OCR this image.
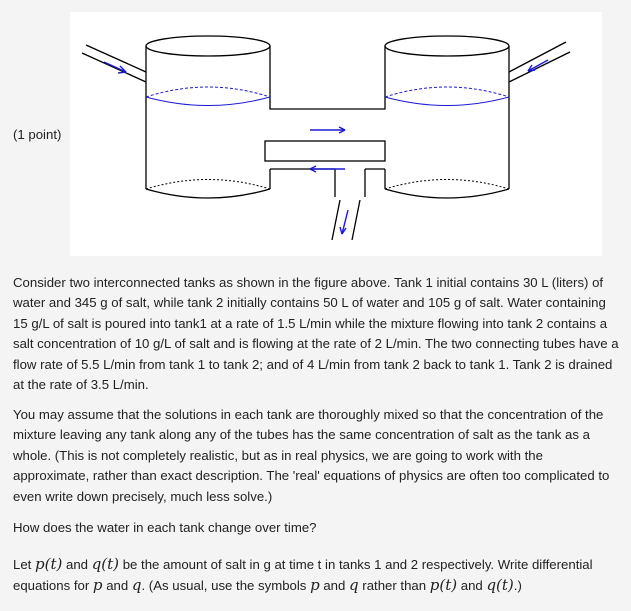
(1 point)
Consider two interconnected tanks as shown in the figure above. Tank 1 initial contains 30 L (liters) of water and 345 g of salt, while tank 2 initially contains 50 L of water and 105 g of salt. Water containing 15 g/L of salt is poured into tank1 at a rate of 1.5 L/min while the mixture flowing into tank 2 contains a salt concentration of 10 g/L of salt and is flowing at the rate of 2 L/min. The two connecting tubes have a flow rate of 5.5 L/min from tank 1 to tank 2; and of 4 L/min from tank 2 back to tank 1. Tank 2 is drained at the rate of 3.5 L/min.
You may assume that the solutions in each tank are thoroughly mixed so that the concentration of the mixture leaving any tank along any of the tubes has the same concentration of salt as the tank as a whole. (This is not completely realistic, but as in real physics, we are going to work with the approximate, rather than exact description. The 'real' equations of physics are often too complicated to even write down precisely, much less solve.)
How does the water in each tank change over time?
Let p(t) and q(t) be the amount of salt in g at time t in tanks 1 and 2 respectively. Write differential equations for p and q. (As usual, use the symbols p and q rather than p(t) and q(t).)
